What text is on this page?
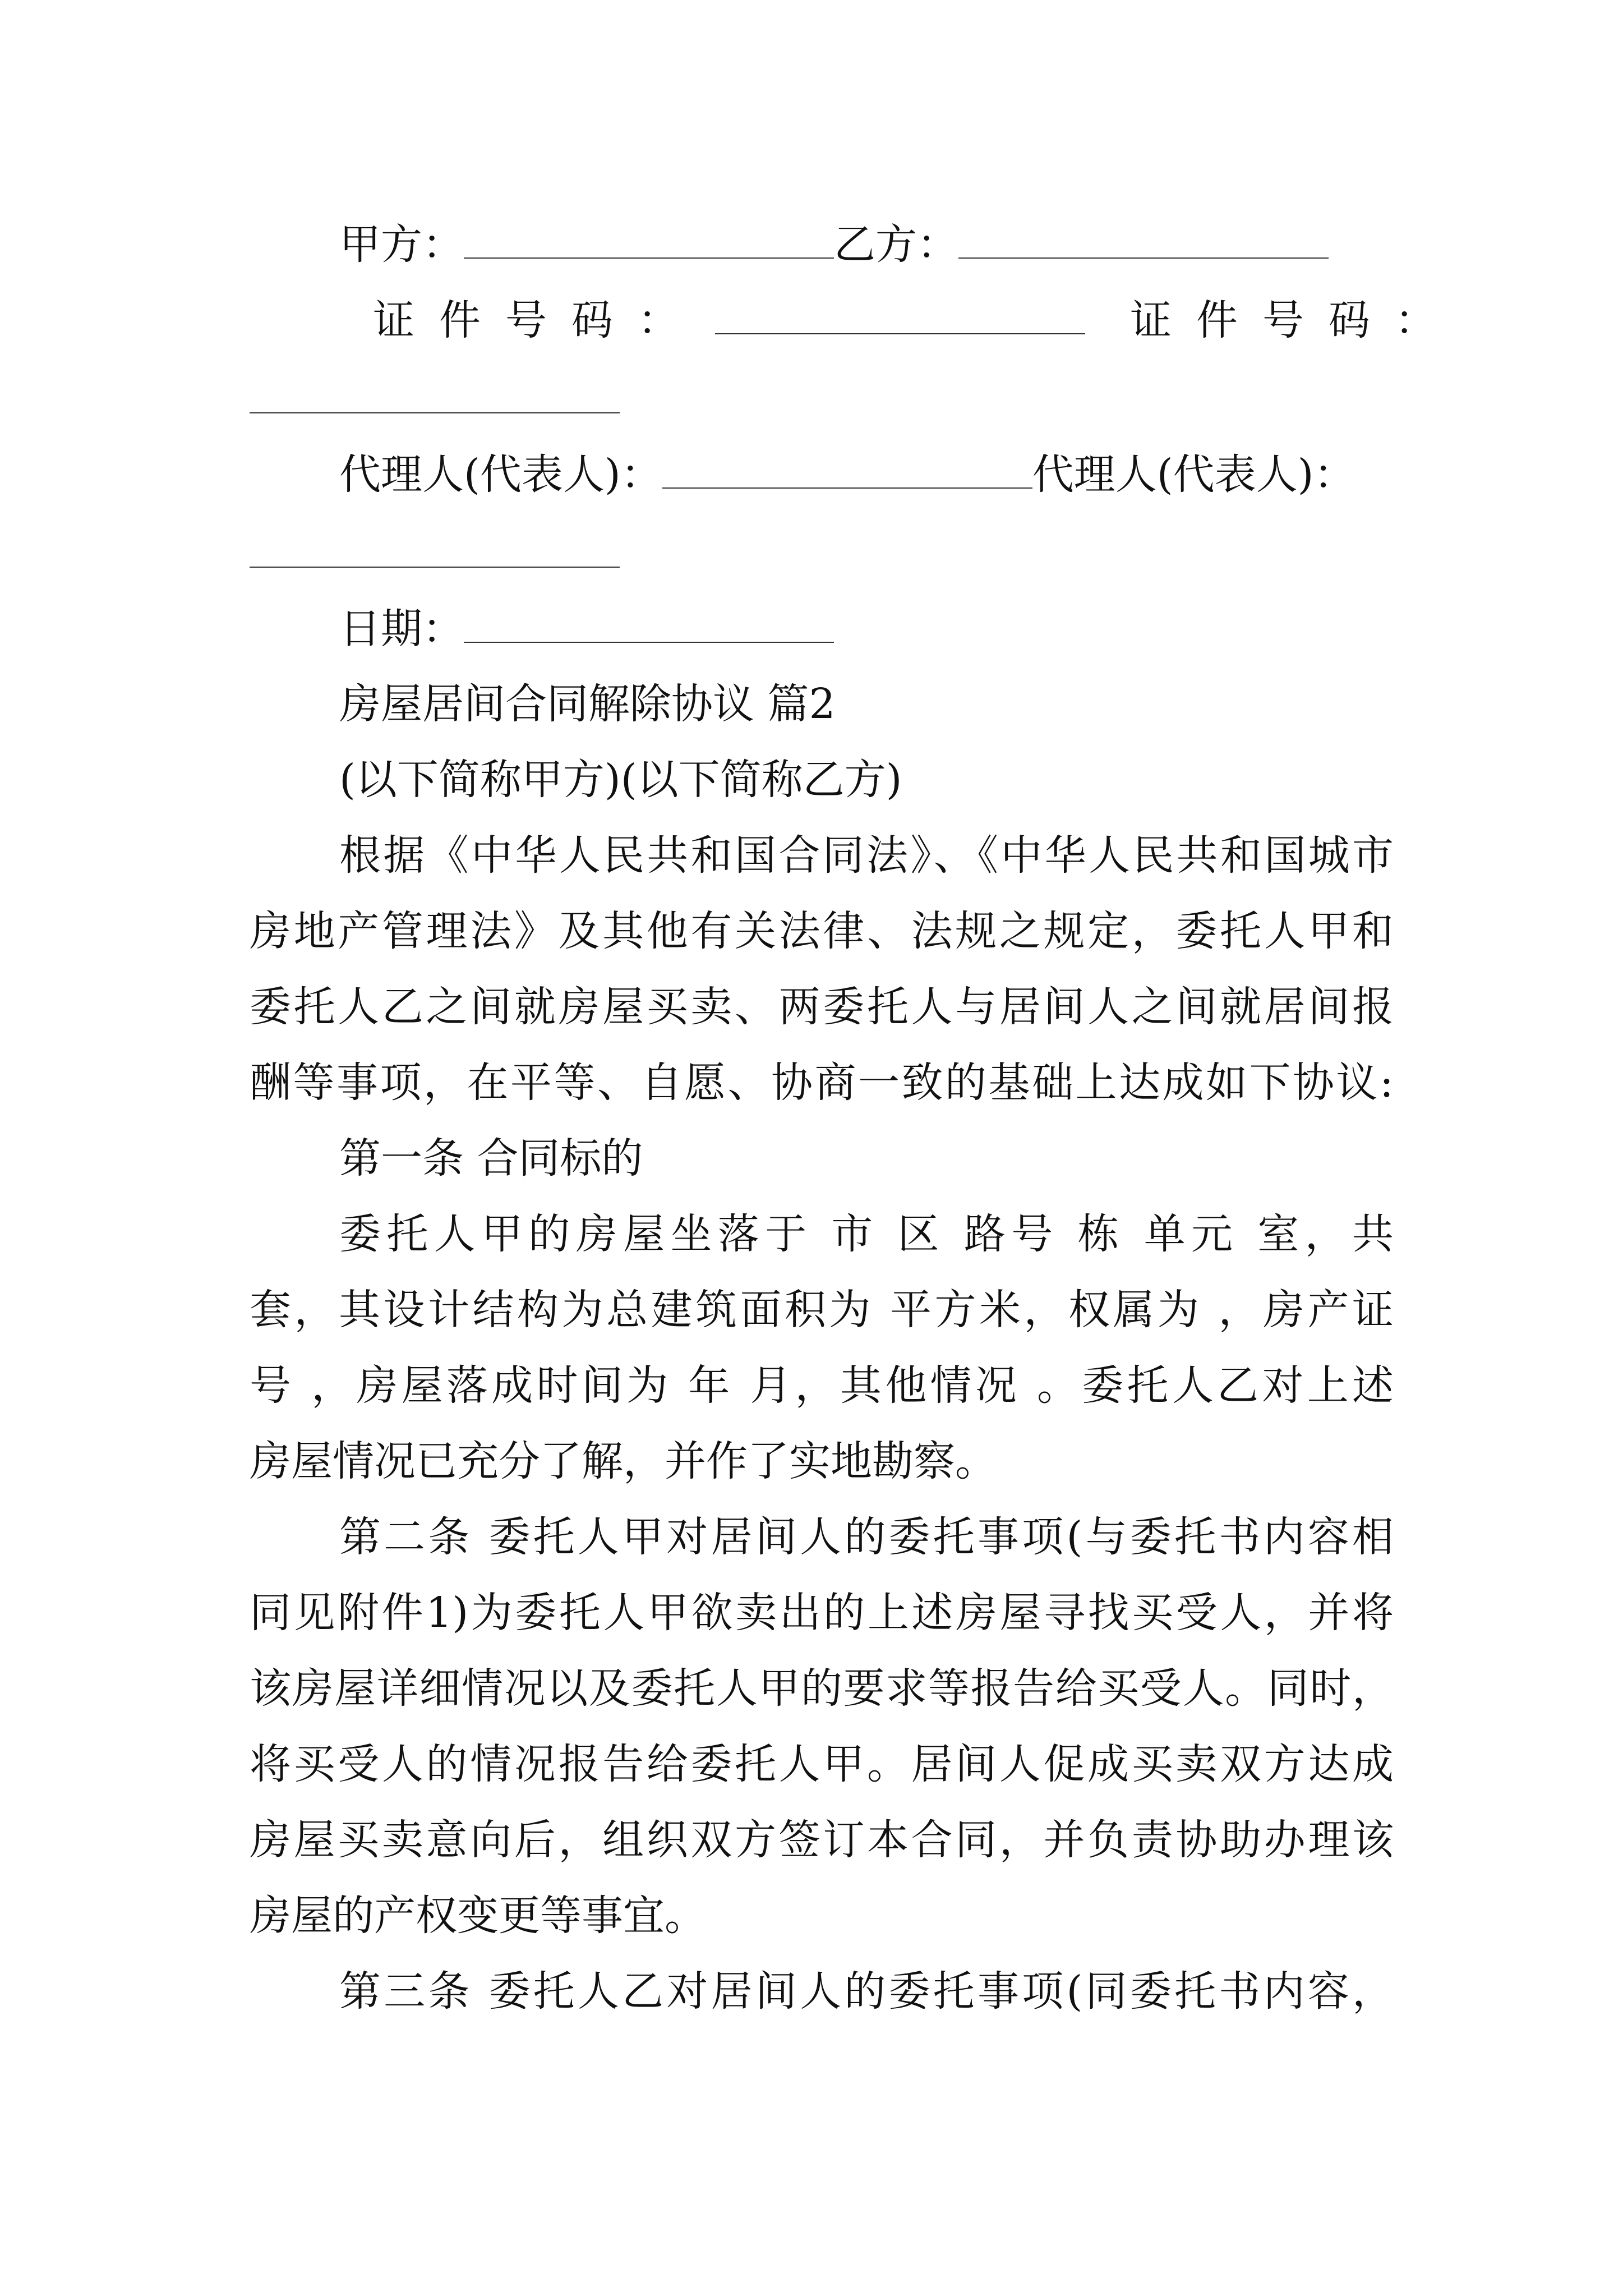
甲方：	乙方：
证件号码：	证件号码：
代理人(代表人)：	代理人(代表人)：
日期：
房屋居间合同解除协议 篇2
(以下简称甲方)(以下简称乙方)
根据《中华人民共和国合同法》、《中华人民共和国城市
房地产管理法》及其他有关法律、法规之规定，委托人甲和
委托人乙之间就房屋买卖、两委托人与居间人之间就居间报
酬等事项，在平等、自愿、协商一致的基础上达成如下协议:
第一条 合同标的
委托人甲的房屋坐落于 市 区 路号 栋 单元 室，共
套，其设计结构为总建筑面积为 平方米，权属为 ，房产证
号 ，房屋落成时间为 年 月，其他情况 。委托人乙对上述
房屋情况已充分了解，并作了实地勘察。
第二条 委托人甲对居间人的委托事项(与委托书内容相
同见附件1)为委托人甲欲卖出的上述房屋寻找买受人，并将
该房屋详细情况以及委托人甲的要求等报告给买受人。同时，
将买受人的情况报告给委托人甲。居间人促成买卖双方达成
房屋买卖意向后，组织双方签订本合同，并负责协助办理该
房屋的产权变更等事宜。
第三条 委托人乙对居间人的委托事项(同委托书内容，
